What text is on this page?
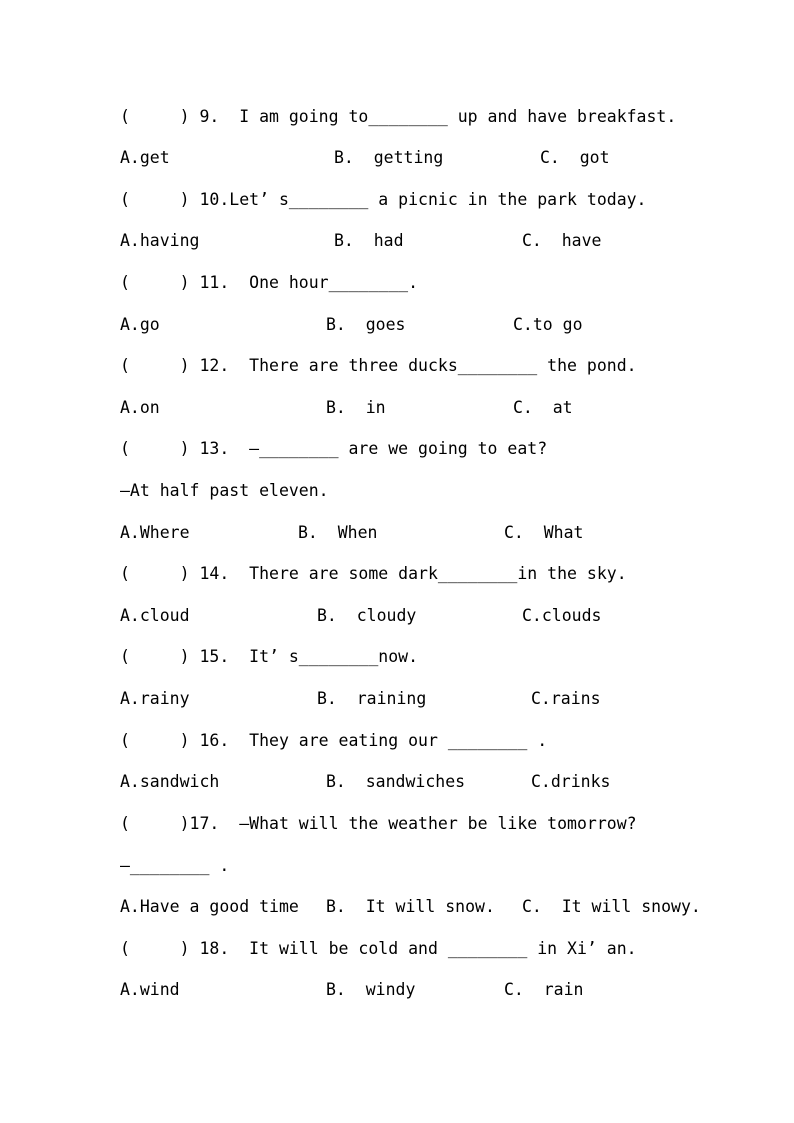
(     ) 9.  I am going to________ up and have breakfast.
A.get	B.  getting	C.  got
(     ) 10.Let’ s________ a picnic in the park today.
A.having	B.  had	C.  have
(     ) 11.  One hour________.
A.go	B.  goes	C.to go
(     ) 12.  There are three ducks________ the pond.
A.on	B.  in	C.  at
(     ) 13.  —________ are we going to eat?
—At half past eleven.
A.Where	B.  When	C.  What
(     ) 14.  There are some dark________in the sky.
A.cloud	B.  cloudy	C.clouds
(     ) 15.  It’ s________now.
A.rainy	B.  raining	C.rains
(     ) 16.  They are eating our ________ .
A.sandwich	B.  sandwiches	C.drinks
(     )17.  —What will the weather be like tomorrow?
—________ .
A.Have a good time B.  It will snow. C.  It will snowy.
(     ) 18.  It will be cold and ________ in Xi’ an.
A.wind	B.  windy	C.  rain
